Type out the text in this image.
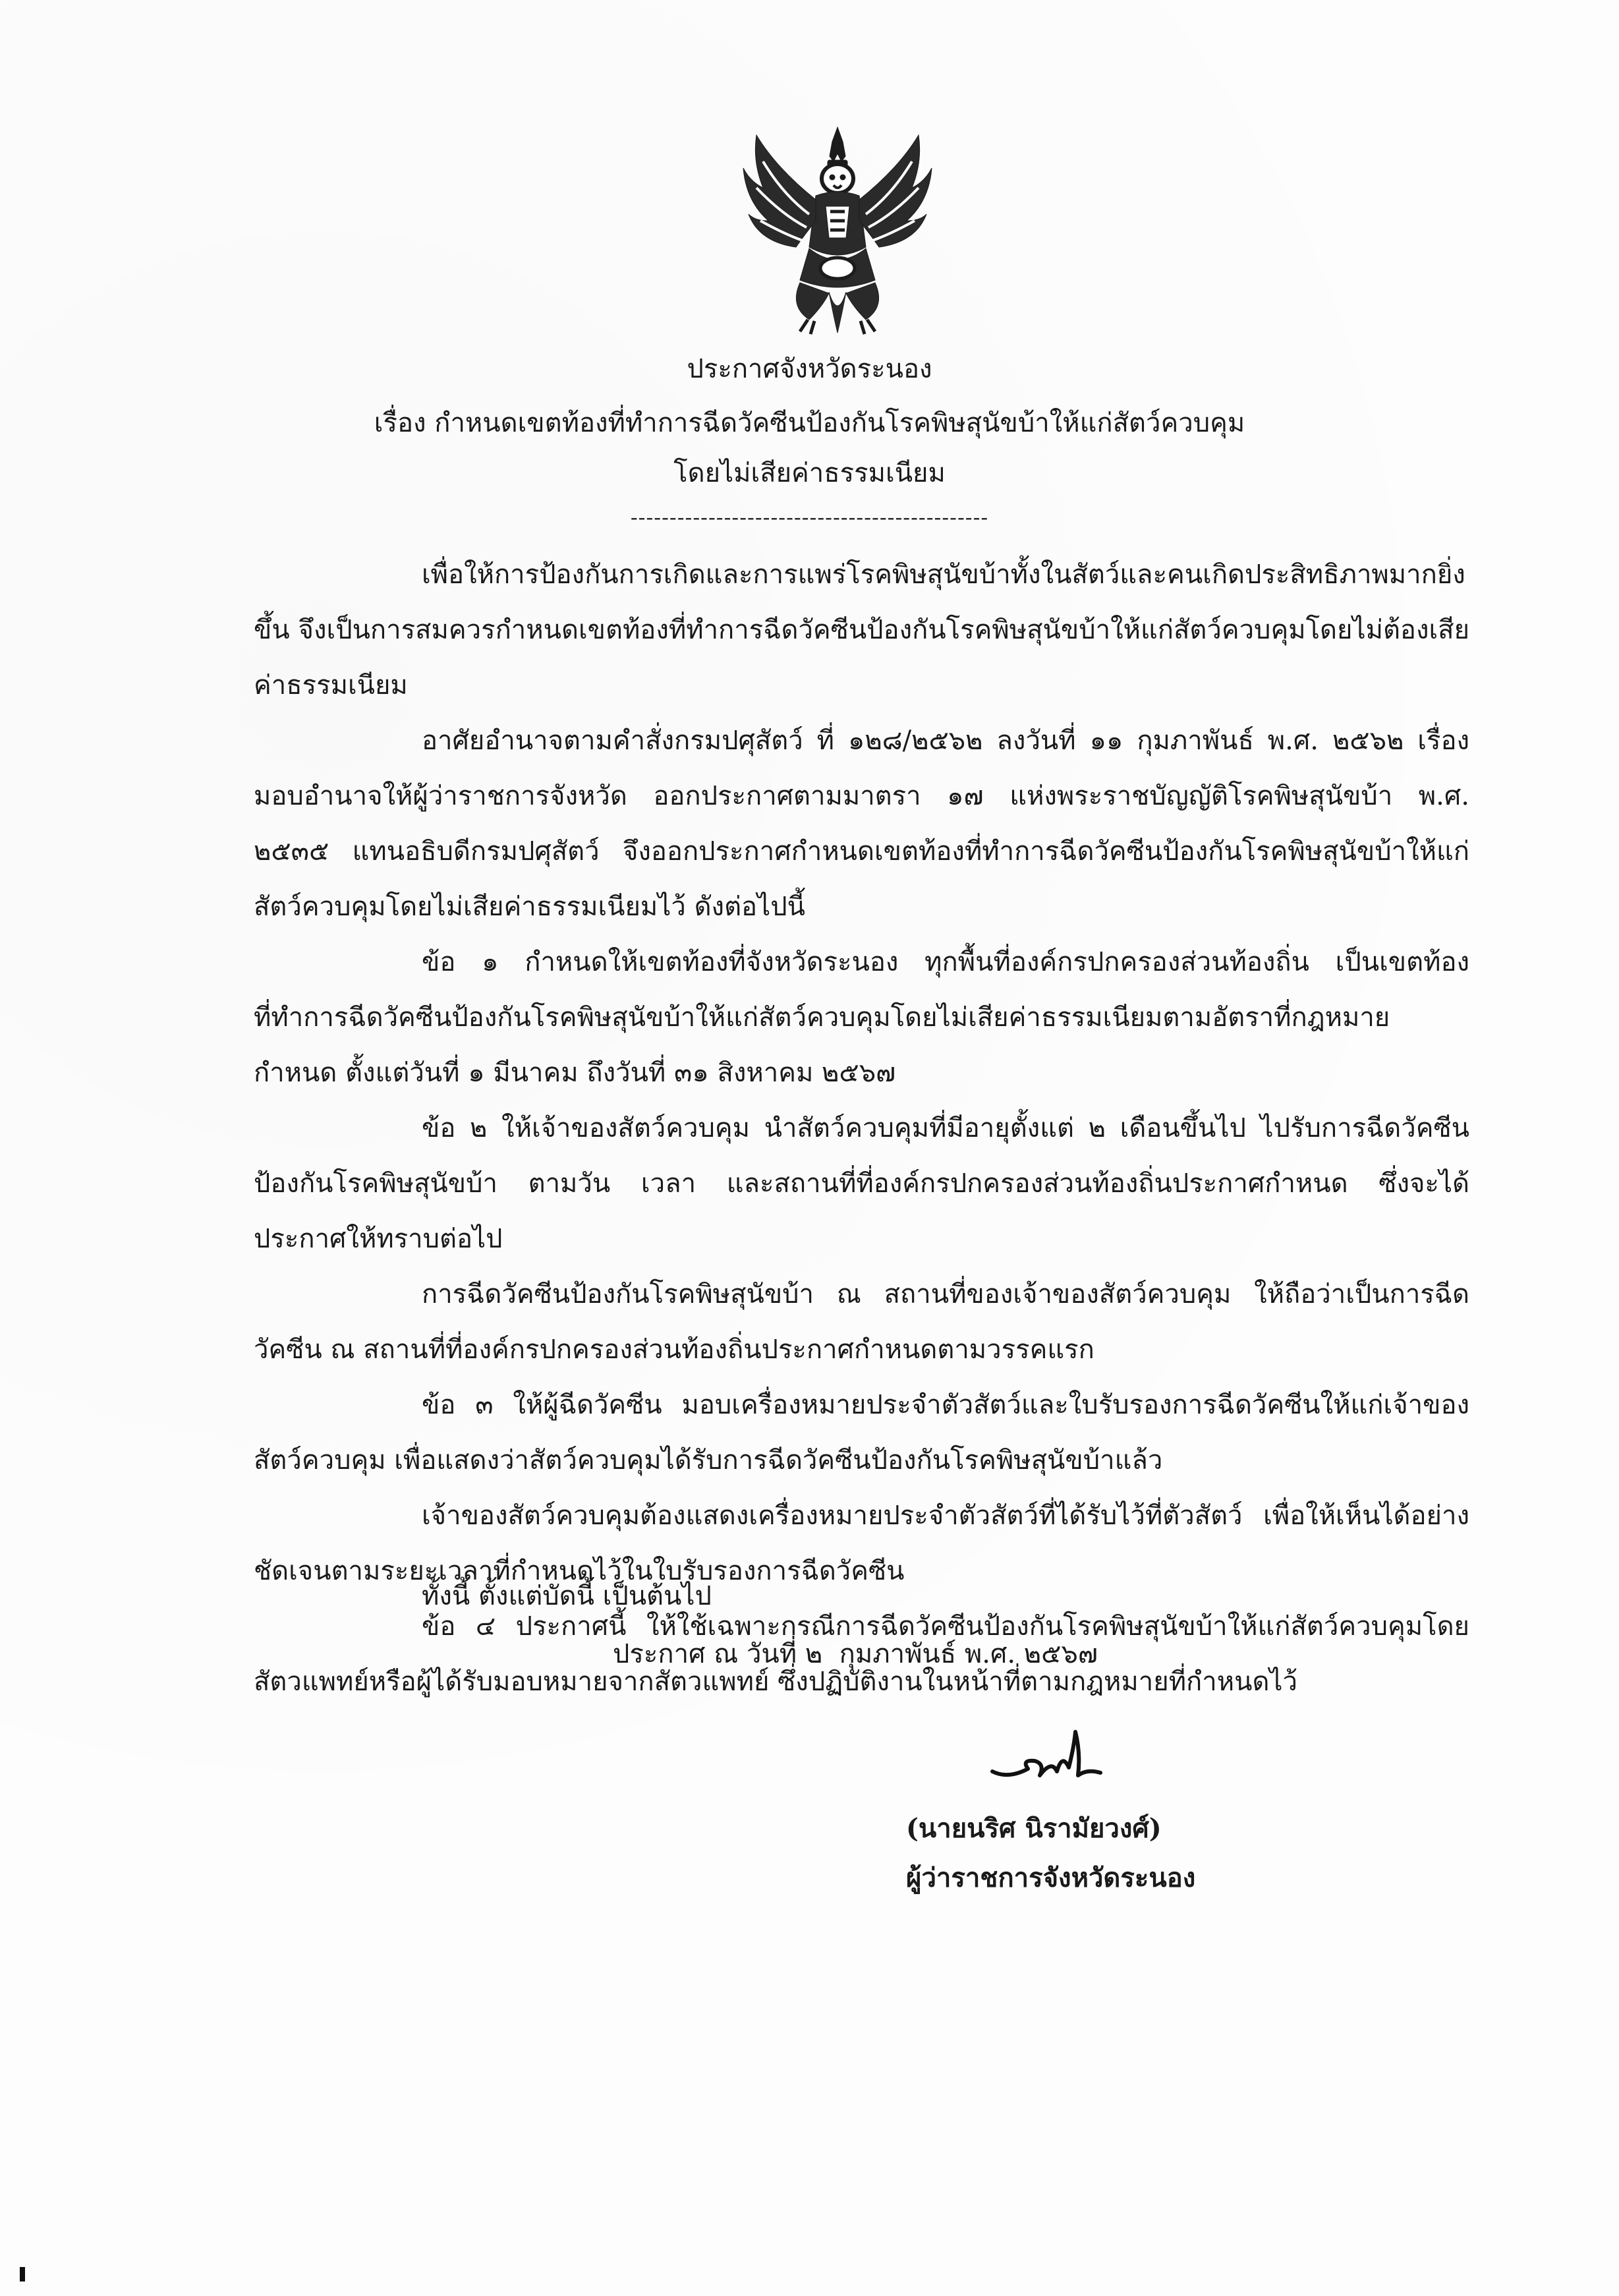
ประกาศจังหวัดระนอง
เรื่อง กำหนดเขตท้องที่ทำการฉีดวัคซีนป้องกันโรคพิษสุนัขบ้าให้แก่สัตว์ควบคุม
โดยไม่เสียค่าธรรมเนียม
----------------------------------------------

เพื่อให้การป้องกันการเกิดและการแพร่โรคพิษสุนัขบ้าทั้งในสัตว์และคนเกิดประสิทธิภาพมากยิ่งขึ้น จึงเป็นการสมควรกำหนดเขตท้องที่ทำการฉีดวัคซีนป้องกันโรคพิษสุนัขบ้าให้แก่สัตว์ควบคุมโดยไม่ต้องเสียค่าธรรมเนียม

อาศัยอำนาจตามคำสั่งกรมปศุสัตว์ ที่ ๑๒๘/๒๕๖๒ ลงวันที่ ๑๑ กุมภาพันธ์ พ.ศ. ๒๕๖๒ เรื่อง มอบอำนาจให้ผู้ว่าราชการจังหวัด ออกประกาศตามมาตรา ๑๗ แห่งพระราชบัญญัติโรคพิษสุนัขบ้า พ.ศ. ๒๕๓๕ แทนอธิบดีกรมปศุสัตว์ จึงออกประกาศกำหนดเขตท้องที่ทำการฉีดวัคซีนป้องกันโรคพิษสุนัขบ้าให้แก่สัตว์ควบคุมโดยไม่เสียค่าธรรมเนียมไว้ ดังต่อไปนี้

ข้อ ๑ กำหนดให้เขตท้องที่จังหวัดระนอง ทุกพื้นที่องค์กรปกครองส่วนท้องถิ่น เป็นเขตท้องที่ทำการฉีดวัคซีนป้องกันโรคพิษสุนัขบ้าให้แก่สัตว์ควบคุมโดยไม่เสียค่าธรรมเนียมตามอัตราที่กฎหมายกำหนด ตั้งแต่วันที่ ๑ มีนาคม ถึงวันที่ ๓๑ สิงหาคม ๒๕๖๗

ข้อ ๒ ให้เจ้าของสัตว์ควบคุม นำสัตว์ควบคุมที่มีอายุตั้งแต่ ๒ เดือนขึ้นไป ไปรับการฉีดวัคซีนป้องกันโรคพิษสุนัขบ้า ตามวัน เวลา และสถานที่ที่องค์กรปกครองส่วนท้องถิ่นประกาศกำหนด ซึ่งจะได้ประกาศให้ทราบต่อไป

การฉีดวัคซีนป้องกันโรคพิษสุนัขบ้า ณ สถานที่ของเจ้าของสัตว์ควบคุม ให้ถือว่าเป็นการฉีดวัคซีน ณ สถานที่ที่องค์กรปกครองส่วนท้องถิ่นประกาศกำหนดตามวรรคแรก

ข้อ ๓ ให้ผู้ฉีดวัคซีน มอบเครื่องหมายประจำตัวสัตว์และใบรับรองการฉีดวัคซีนให้แก่เจ้าของสัตว์ควบคุม เพื่อแสดงว่าสัตว์ควบคุมได้รับการฉีดวัคซีนป้องกันโรคพิษสุนัขบ้าแล้ว

เจ้าของสัตว์ควบคุมต้องแสดงเครื่องหมายประจำตัวสัตว์ที่ได้รับไว้ที่ตัวสัตว์ เพื่อให้เห็นได้อย่างชัดเจนตามระยะเวลาที่กำหนดไว้ในใบรับรองการฉีดวัคซีน

ข้อ ๔ ประกาศนี้ ให้ใช้เฉพาะกรณีการฉีดวัคซีนป้องกันโรคพิษสุนัขบ้าให้แก่สัตว์ควบคุมโดยสัตวแพทย์หรือผู้ได้รับมอบหมายจากสัตวแพทย์ ซึ่งปฏิบัติงานในหน้าที่ตามกฎหมายที่กำหนดไว้

ทั้งนี้ ตั้งแต่บัดนี้ เป็นต้นไป
ประกาศ ณ วันที่ ๒  กุมภาพันธ์ พ.ศ. ๒๕๖๗
(นายนริศ นิรามัยวงศ์)
ผู้ว่าราชการจังหวัดระนอง
